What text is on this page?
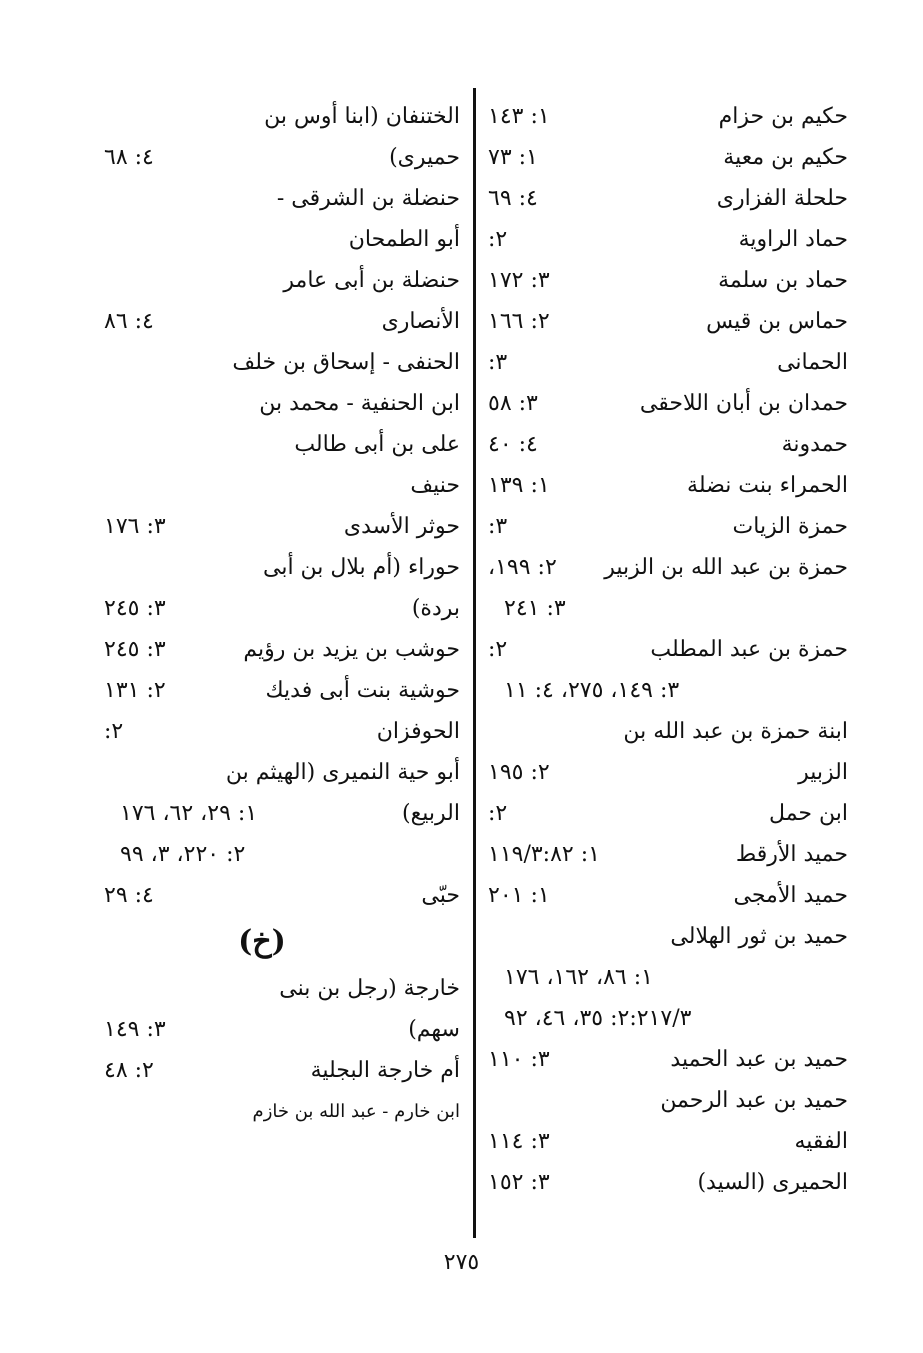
حكيم بن حزام
١: ١٤٣
حكيم بن معية
١: ٧٣
حلحلة الفزارى
٤: ٦٩
حماد الراوية
٢:
حماد بن سلمة
٣: ١٧٢
حماس بن قيس
٢: ١٦٦
الحمانى
٣:
حمدان بن أبان اللاحقى
٣: ٥٨
حمدونة
٤: ٤٠
الحمراء بنت نضلة
١: ١٣٩
حمزة الزيات
٣:
حمزة بن عبد الله بن الزبير
٢: ١٩٩،
٣: ٢٤١
حمزة بن عبد المطلب
٢:
٣: ١٤٩، ٢٧٥، ٤: ١١
ابنة حمزة بن عبد الله بن
الزبير
٢: ١٩٥
ابن حمل
٢:
حميد الأرقط
١: ١١٩/٣:٨٢
حميد الأمجى
١: ٢٠١
حميد بن ثور الهلالى
١: ٨٦، ١٦٢، ١٧٦
٢:٢١٧/٣: ٣٥، ٤٦، ٩٢
حميد بن عبد الحميد
٣: ١١٠
حميد بن عبد الرحمن
الفقيه
٣: ١١٤
الحميرى (السيد)
٣: ١٥٢
الختنفان (ابنا أوس بن
حميرى)
٤: ٦٨
حنضلة بن الشرقى -
أبو الطمحان
حنضلة بن أبى عامر
الأنصارى
٤: ٨٦
الحنفى - إسحاق بن خلف
ابن الحنفية - محمد بن
على بن أبى طالب
حنيف
حوثر الأسدى
٣: ١٧٦
حوراء (أم بلال بن أبى
بردة)
٣: ٢٤٥
حوشب بن يزيد بن رؤيم
٣: ٢٤٥
حوشية بنت أبى فديك
٢: ١٣١
الحوفزان
٢:
أبو حية النميرى (الهيثم بن
الربيع)
١: ٢٩، ٦٢، ١٧٦
٢: ٢٢٠، ٣، ٩٩
حبّى
٤: ٢٩
(خ)
خارجة (رجل بن بنى
سهم)
٣: ١٤٩
أم خارجة البجلية
٢: ٤٨
ابن خارم - عبد الله بن خازم
٢٧٥
